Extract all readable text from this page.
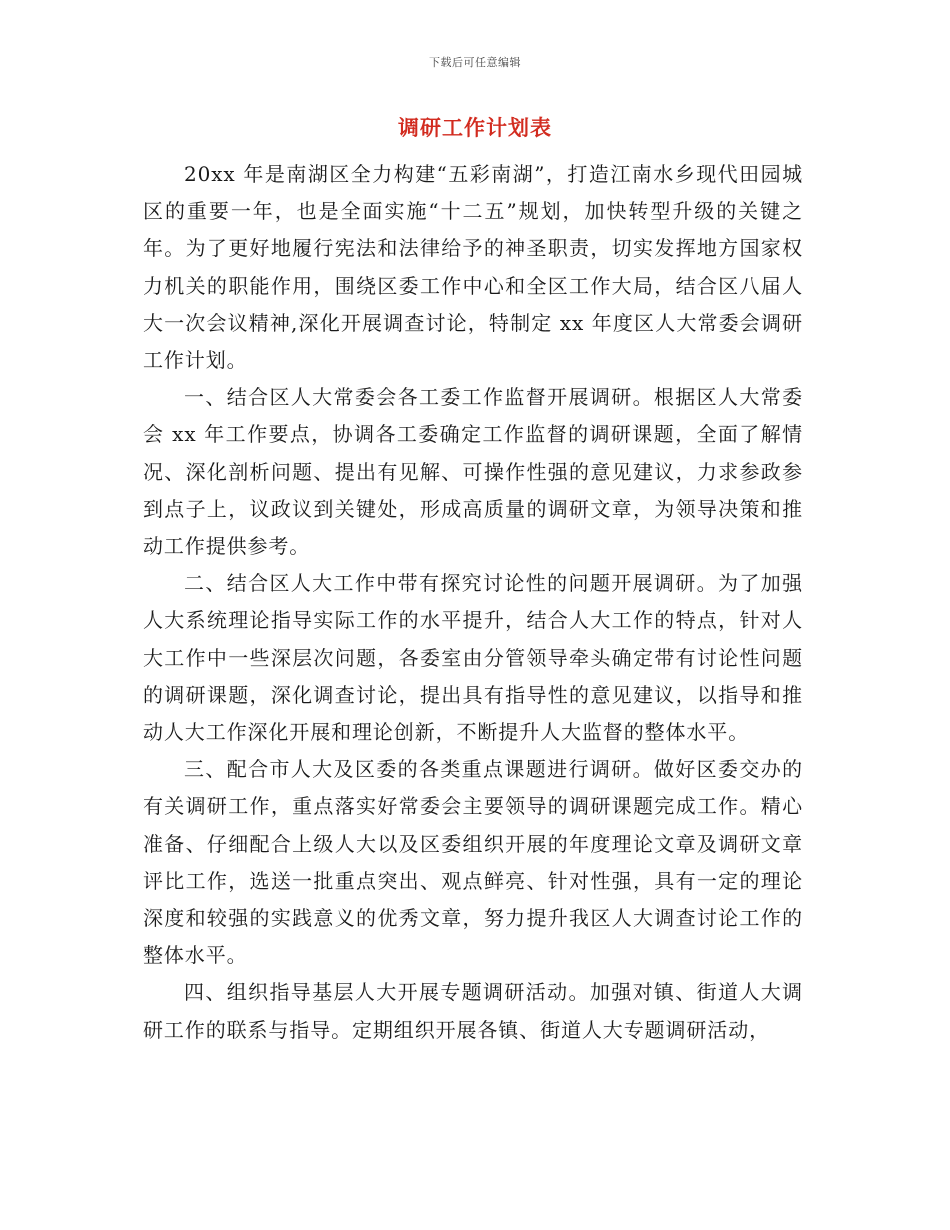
下载后可任意编辑
调研工作计划表

20xx 年是南湖区全力构建“五彩南湖”，打造江南水乡现代田园城区的重要一年，也是全面实施“十二五”规划，加快转型升级的关键之年。为了更好地履行宪法和法律给予的神圣职责，切实发挥地方国家权力机关的职能作用，围绕区委工作中心和全区工作大局，结合区八届人大一次会议精神,深化开展调查讨论，特制定 xx 年度区人大常委会调研工作计划。

一、结合区人大常委会各工委工作监督开展调研。根据区人大常委会 xx 年工作要点，协调各工委确定工作监督的调研课题，全面了解情况、深化剖析问题、提出有见解、可操作性强的意见建议，力求参政参到点子上，议政议到关键处，形成高质量的调研文章，为领导决策和推动工作提供参考。

二、结合区人大工作中带有探究讨论性的问题开展调研。为了加强人大系统理论指导实际工作的水平提升，结合人大工作的特点，针对人大工作中一些深层次问题，各委室由分管领导牵头确定带有讨论性问题的调研课题，深化调查讨论，提出具有指导性的意见建议，以指导和推动人大工作深化开展和理论创新，不断提升人大监督的整体水平。

三、配合市人大及区委的各类重点课题进行调研。做好区委交办的有关调研工作，重点落实好常委会主要领导的调研课题完成工作。精心准备、仔细配合上级人大以及区委组织开展的年度理论文章及调研文章评比工作，选送一批重点突出、观点鲜亮、针对性强，具有一定的理论深度和较强的实践意义的优秀文章，努力提升我区人大调查讨论工作的整体水平。

四、组织指导基层人大开展专题调研活动。加强对镇、街道人大调研工作的联系与指导。定期组织开展各镇、街道人大专题调研活动，
